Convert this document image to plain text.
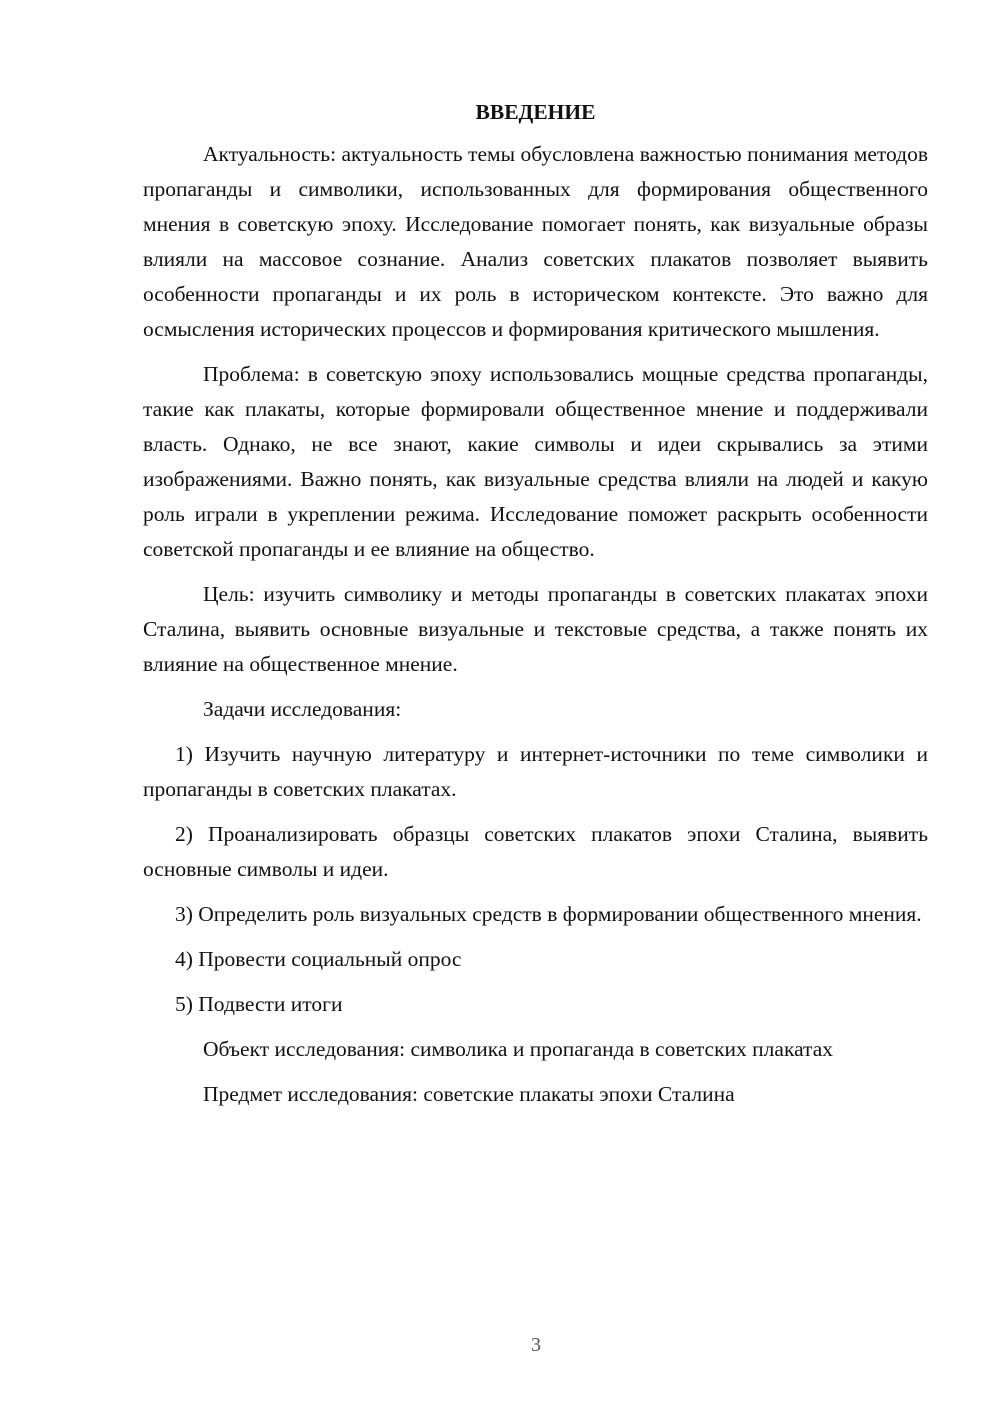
ВВЕДЕНИЕ

Актуальность: актуальность темы обусловлена важностью понимания методов пропаганды и символики, использованных для формирования общественного мнения в советскую эпоху. Исследование помогает понять, как визуальные образы влияли на массовое сознание. Анализ советских плакатов позволяет выявить особенности пропаганды и их роль в историческом контексте. Это важно для осмысления исторических процессов и формирования критического мышления.

Проблема: в советскую эпоху использовались мощные средства пропаганды, такие как плакаты, которые формировали общественное мнение и поддерживали власть. Однако, не все знают, какие символы и идеи скрывались за этими изображениями. Важно понять, как визуальные средства влияли на людей и какую роль играли в укреплении режима. Исследование поможет раскрыть особенности советской пропаганды и ее влияние на общество.

Цель: изучить символику и методы пропаганды в советских плакатах эпохи Сталина, выявить основные визуальные и текстовые средства, а также понять их влияние на общественное мнение.

Задачи исследования:

1) Изучить научную литературу и интернет-источники по теме символики и пропаганды в советских плакатах.

2) Проанализировать образцы советских плакатов эпохи Сталина, выявить основные символы и идеи.

3) Определить роль визуальных средств в формировании общественного мнения.

4) Провести социальный опрос

5) Подвести итоги

Объект исследования: символика и пропаганда в советских плакатах

Предмет исследования: советские плакаты эпохи Сталина

3
